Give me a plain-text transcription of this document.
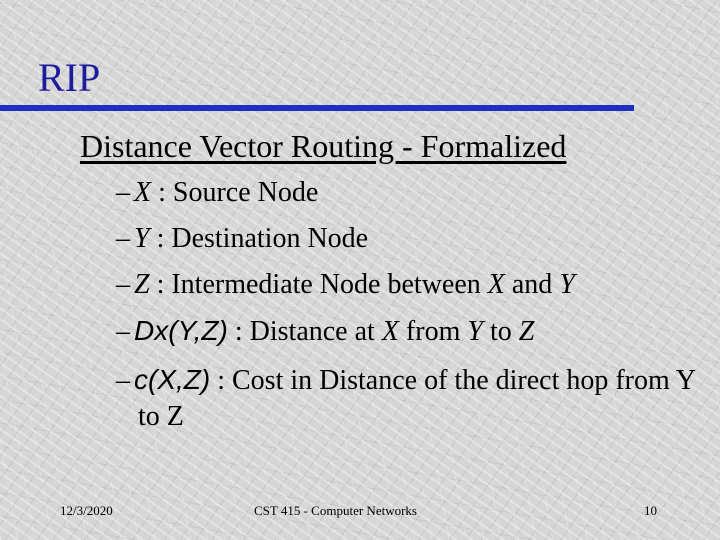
RIP
Distance Vector Routing - Formalized
– X : Source Node
– Y : Destination Node
– Z : Intermediate Node between X and Y
– Dx(Y,Z) : Distance at X from Y to Z
– c(X,Z) : Cost in Distance of the direct hop from Y to Z
12/3/2020	CST 415 - Computer Networks	10
